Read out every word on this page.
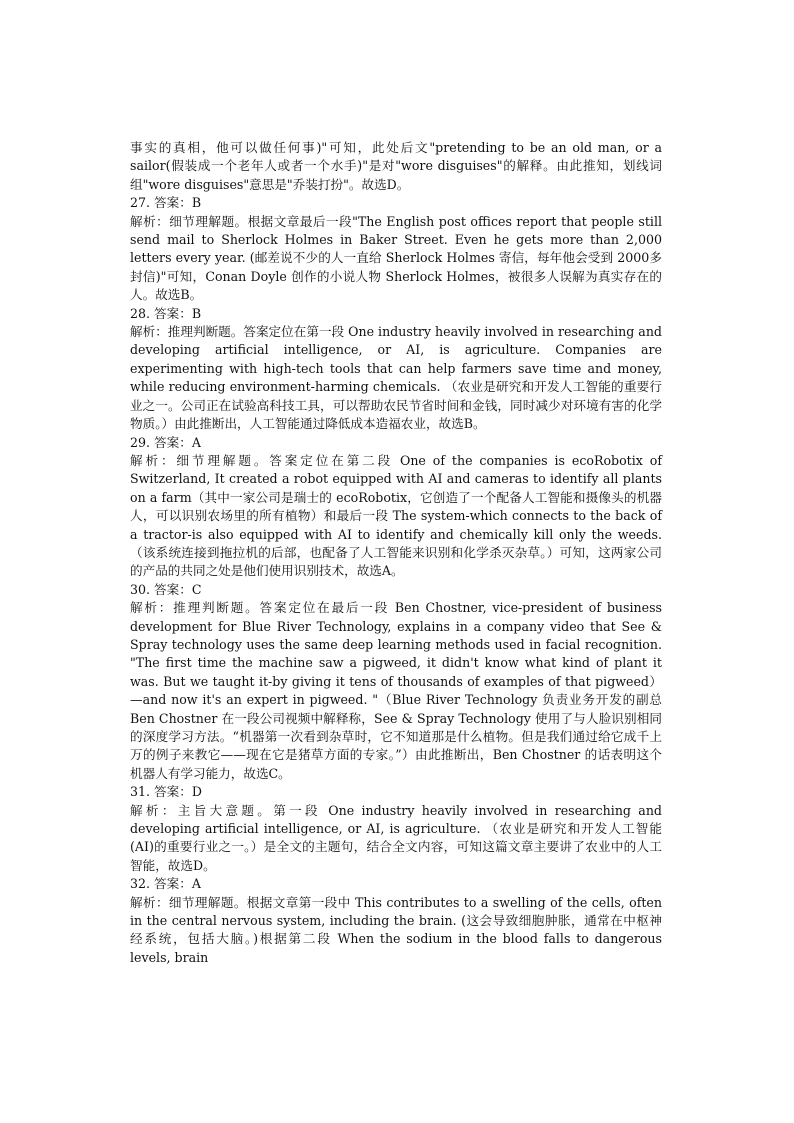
事实的真相，他可以做任何事)"可知，此处后文"pretending to be an old man, or a sailor(假装成一个老年人或者一个水手)"是对"wore disguises"的解释。由此推知，划线词组"wore disguises"意思是"乔装打扮"。故选D。

27. 答案：B

解析：细节理解题。根据文章最后一段"The English post offices report that people still send mail to Sherlock Holmes in Baker Street. Even he gets more than 2,000 letters every year. (邮差说不少的人一直给 Sherlock Holmes 寄信，每年他会受到 2000多封信)"可知，Conan Doyle 创作的小说人物 Sherlock Holmes，被很多人误解为真实存在的人。故选B。

28. 答案：B

解析：推理判断题。答案定位在第一段 One industry heavily involved in researching and developing artificial intelligence, or AI, is agriculture. Companies are experimenting with high-tech tools that can help farmers save time and money, while reducing environment-harming chemicals. （农业是研究和开发人工智能的重要行业之一。公司正在试验高科技工具，可以帮助农民节省时间和金钱，同时减少对环境有害的化学物质。）由此推断出，人工智能通过降低成本造福农业，故选B。

29. 答案：A

解析：细节理解题。答案定位在第二段 One of the companies is ecoRobotix of Switzerland, It created a robot equipped with AI and cameras to identify all plants on a farm（其中一家公司是瑞士的 ecoRobotix，它创造了一个配备人工智能和摄像头的机器人，可以识别农场里的所有植物）和最后一段 The system-which connects to the back of a tractor-is also equipped with AI to identify and chemically kill only the weeds. （该系统连接到拖拉机的后部，也配备了人工智能来识别和化学杀灭杂草。）可知，这两家公司的产品的共同之处是他们使用识别技术，故选A。

30. 答案：C

解析：推理判断题。答案定位在最后一段 Ben Chostner, vice-president of business development for Blue River Technology, explains in a company video that See & Spray technology uses the same deep learning methods used in facial recognition. "The first time the machine saw a pigweed, it didn't know what kind of plant it was. But we taught it-by giving it tens of thousands of examples of that pigweed）—and now it's an expert in pigweed. "（Blue River Technology 负责业务开发的副总 Ben Chostner 在一段公司视频中解释称，See & Spray Technology 使用了与人脸识别相同的深度学习方法。“机器第一次看到杂草时，它不知道那是什么植物。但是我们通过给它成千上万的例子来教它——现在它是猪草方面的专家。”）由此推断出，Ben Chostner 的话表明这个机器人有学习能力，故选C。

31. 答案：D

解析：主旨大意题。第一段 One industry heavily involved in researching and developing artificial intelligence, or AI, is agriculture. （农业是研究和开发人工智能(AI)的重要行业之一。）是全文的主题句，结合全文内容，可知这篇文章主要讲了农业中的人工智能，故选D。

32. 答案：A

解析：细节理解题。根据文章第一段中 This contributes to a swelling of the cells, often in the central nervous system, including the brain. (这会导致细胞肿胀，通常在中枢神经系统，包括大脑。)根据第二段 When the sodium in the blood falls to dangerous levels, brain
